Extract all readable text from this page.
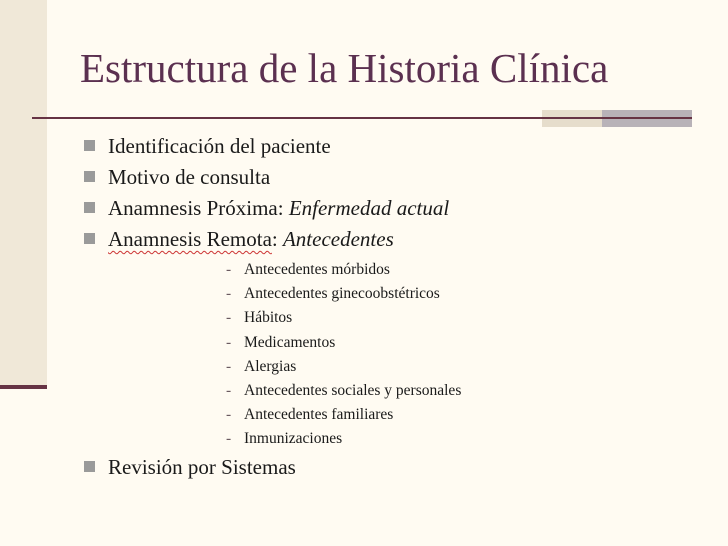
Estructura de la Historia Clínica
Identificación del paciente
Motivo de consulta
Anamnesis Próxima: Enfermedad actual
Anamnesis Remota: Antecedentes
- Antecedentes mórbidos
- Antecedentes ginecoobstétricos
- Hábitos
- Medicamentos
- Alergias
- Antecedentes sociales y personales
- Antecedentes familiares
- Inmunizaciones
Revisión por Sistemas
